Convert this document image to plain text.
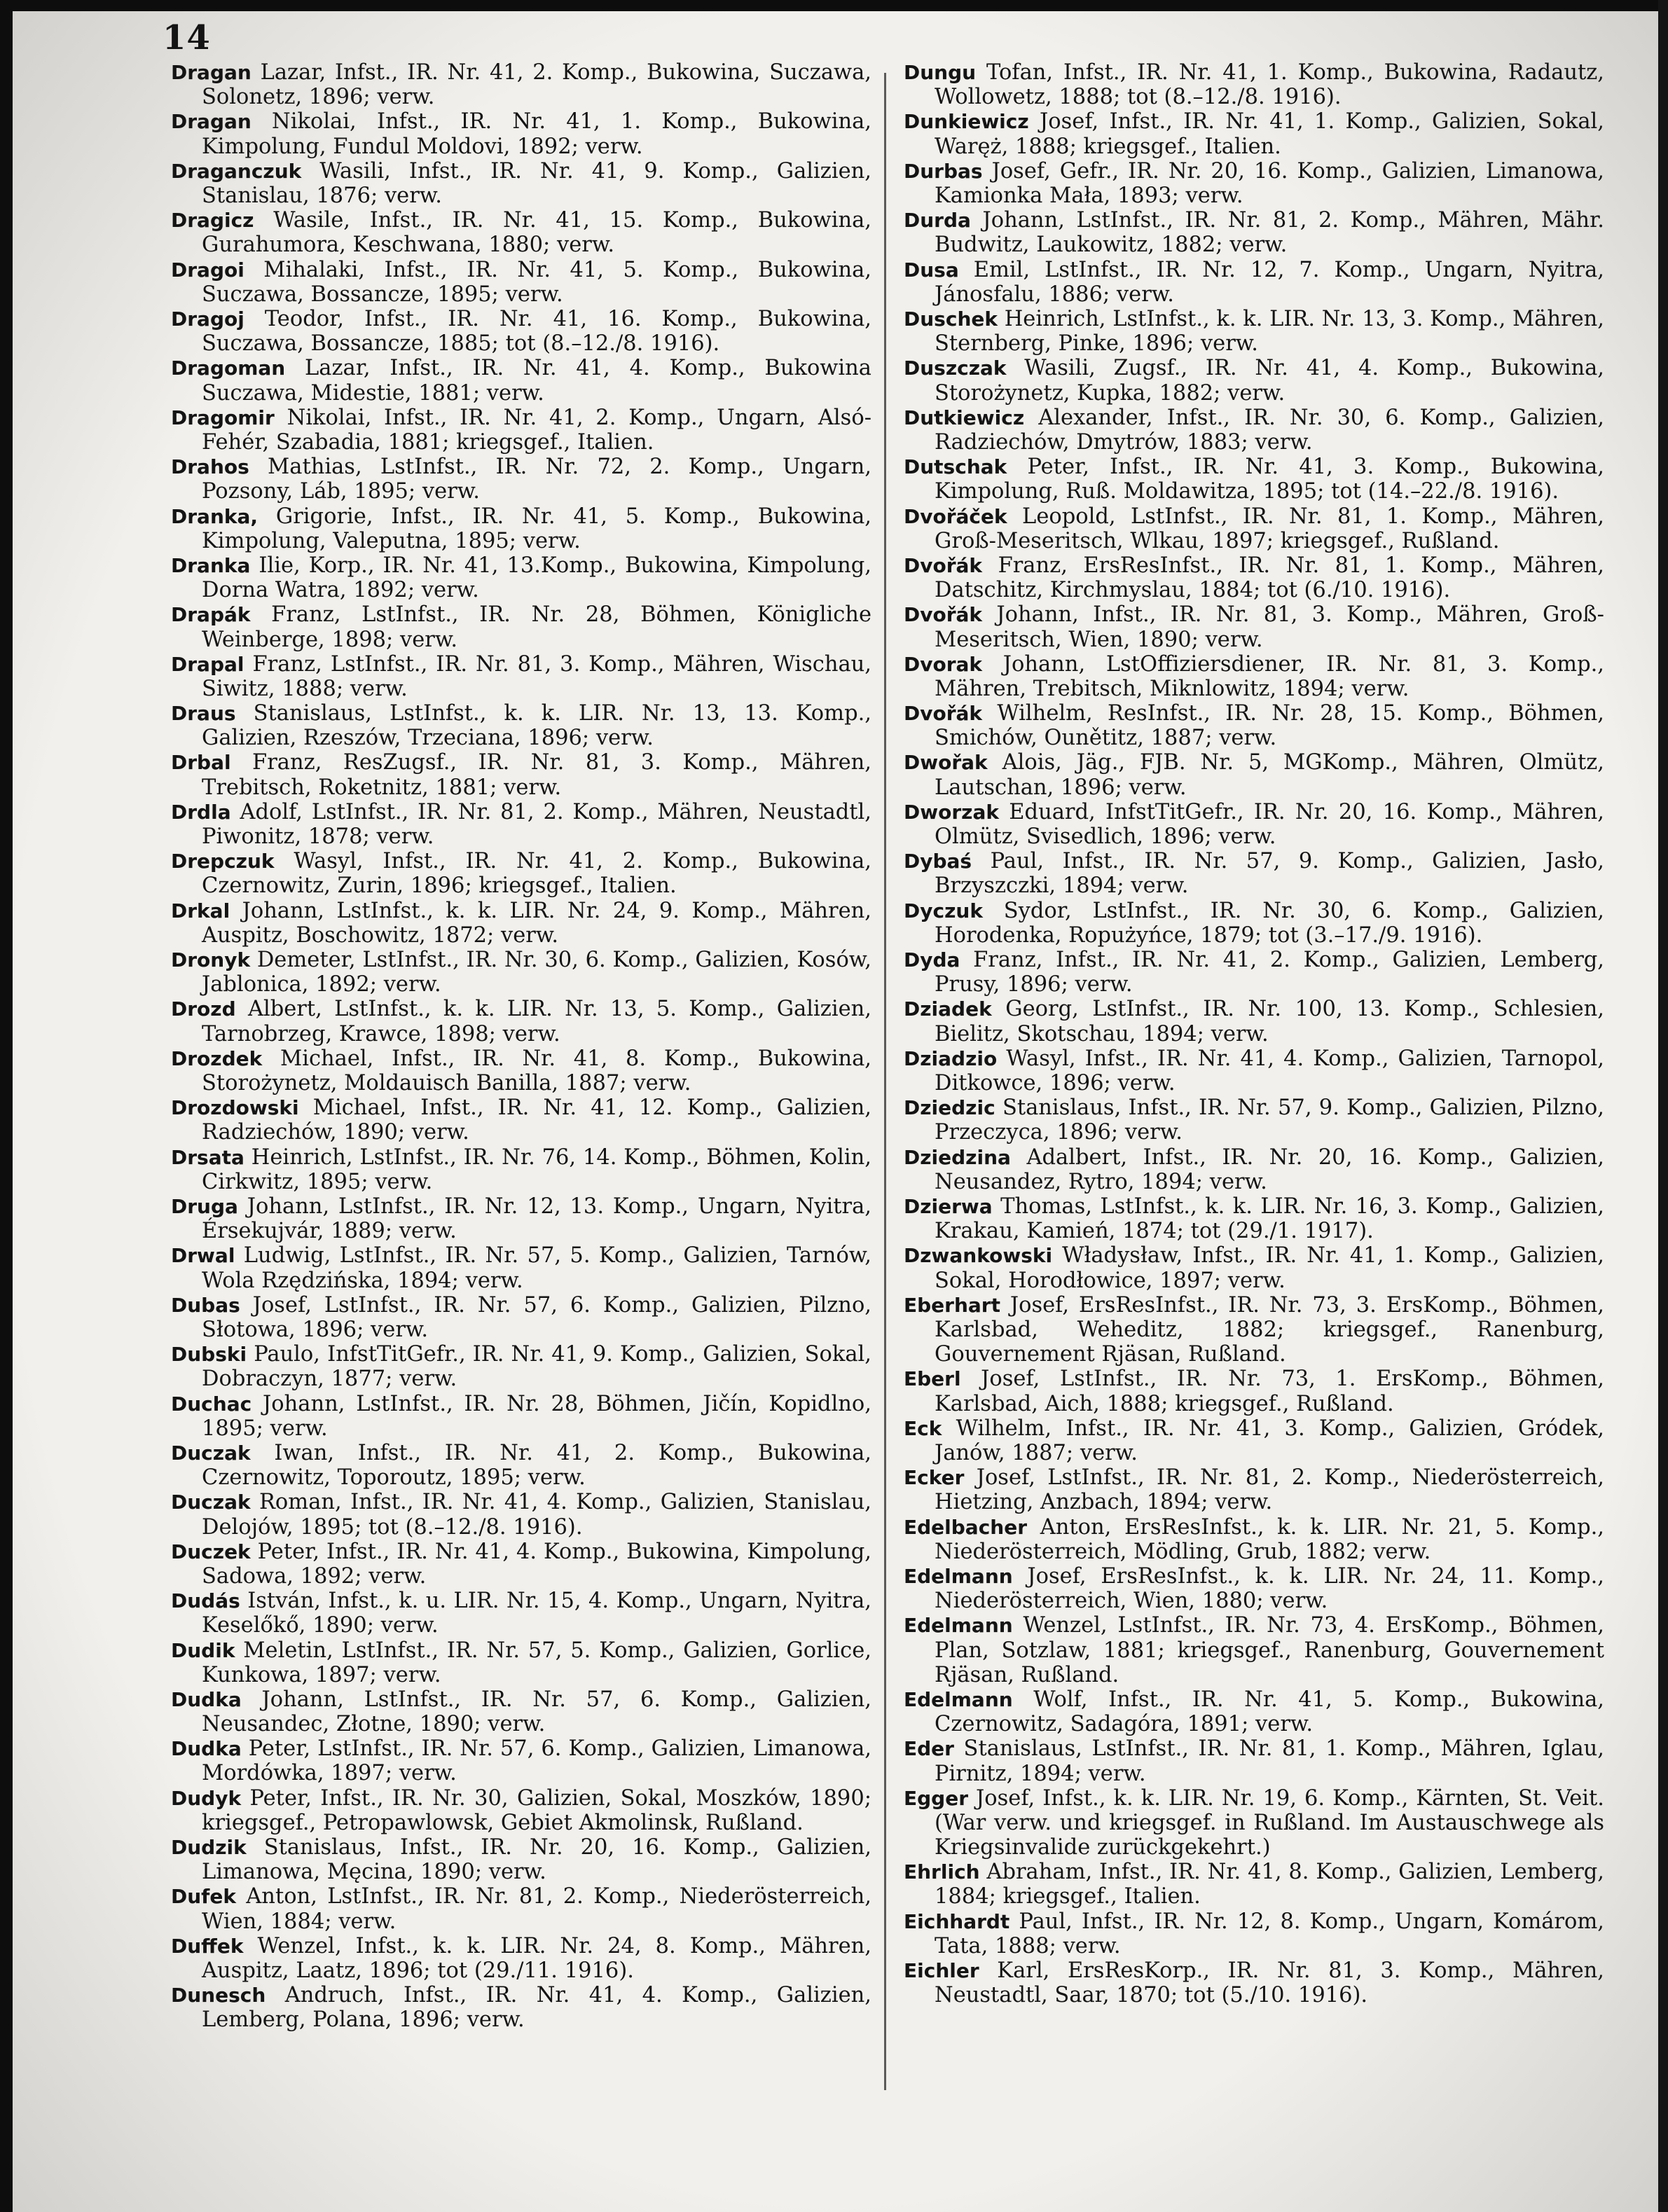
14

Dragan Lazar, Infst., IR. Nr. 41, 2. Komp., Bukowina, Suczawa, Solonetz, 1896; verw.

Dragan Nikolai, Infst., IR. Nr. 41, 1. Komp., Bukowina, Kimpolung, Fundul Moldovi, 1892; verw.

Draganczuk Wasili, Infst., IR. Nr. 41, 9. Komp., Galizien, Stanislau, 1876; verw.

Dragicz Wasile, Infst., IR. Nr. 41, 15. Komp., Bukowina, Gurahumora, Keschwana, 1880; verw.

Dragoi Mihalaki, Infst., IR. Nr. 41, 5. Komp., Bukowina, Suczawa, Bossancze, 1895; verw.

Dragoj Teodor, Infst., IR. Nr. 41, 16. Komp., Bukowina, Suczawa, Bossancze, 1885; tot (8.–12./8. 1916).

Dragoman Lazar, Infst., IR. Nr. 41, 4. Komp., Bukowina Suczawa, Midestie, 1881; verw.

Dragomir Nikolai, Infst., IR. Nr. 41, 2. Komp., Ungarn, Alsó-Fehér, Szabadia, 1881; kriegsgef., Italien.

Drahos Mathias, LstInfst., IR. Nr. 72, 2. Komp., Ungarn, Pozsony, Láb, 1895; verw.

Dranka, Grigorie, Infst., IR. Nr. 41, 5. Komp., Bukowina, Kimpolung, Valeputna, 1895; verw.

Dranka Ilie, Korp., IR. Nr. 41, 13.Komp., Bukowina, Kimpolung, Dorna Watra, 1892; verw.

Drapák Franz, LstInfst., IR. Nr. 28, Böhmen, Königliche Weinberge, 1898; verw.

Drapal Franz, LstInfst., IR. Nr. 81, 3. Komp., Mähren, Wischau, Siwitz, 1888; verw.

Draus Stanislaus, LstInfst., k. k. LIR. Nr. 13, 13. Komp., Galizien, Rzeszów, Trzeciana, 1896; verw.

Drbal Franz, ResZugsf., IR. Nr. 81, 3. Komp., Mähren, Trebitsch, Roketnitz, 1881; verw.

Drdla Adolf, LstInfst., IR. Nr. 81, 2. Komp., Mähren, Neustadtl, Piwonitz, 1878; verw.

Drepczuk Wasyl, Infst., IR. Nr. 41, 2. Komp., Bukowina, Czernowitz, Zurin, 1896; kriegsgef., Italien.

Drkal Johann, LstInfst., k. k. LIR. Nr. 24, 9. Komp., Mähren, Auspitz, Boschowitz, 1872; verw.

Dronyk Demeter, LstInfst., IR. Nr. 30, 6. Komp., Galizien, Kosów, Jablonica, 1892; verw.

Drozd Albert, LstInfst., k. k. LIR. Nr. 13, 5. Komp., Galizien, Tarnobrzeg, Krawce, 1898; verw.

Drozdek Michael, Infst., IR. Nr. 41, 8. Komp., Bukowina, Storożynetz, Moldauisch Banilla, 1887; verw.

Drozdowski Michael, Infst., IR. Nr. 41, 12. Komp., Galizien, Radziechów, 1890; verw.

Drsata Heinrich, LstInfst., IR. Nr. 76, 14. Komp., Böhmen, Kolin, Cirkwitz, 1895; verw.

Druga Johann, LstInfst., IR. Nr. 12, 13. Komp., Ungarn, Nyitra, Érsekujvár, 1889; verw.

Drwal Ludwig, LstInfst., IR. Nr. 57, 5. Komp., Galizien, Tarnów, Wola Rzędzińska, 1894; verw.

Dubas Josef, LstInfst., IR. Nr. 57, 6. Komp., Galizien, Pilzno, Słotowa, 1896; verw.

Dubski Paulo, InfstTitGefr., IR. Nr. 41, 9. Komp., Galizien, Sokal, Dobraczyn, 1877; verw.

Duchac Johann, LstInfst., IR. Nr. 28, Böhmen, Jičín, Kopidlno, 1895; verw.

Duczak Iwan, Infst., IR. Nr. 41, 2. Komp., Bukowina, Czernowitz, Toporoutz, 1895; verw.

Duczak Roman, Infst., IR. Nr. 41, 4. Komp., Galizien, Stanislau, Delojów, 1895; tot (8.–12./8. 1916).

Duczek Peter, Infst., IR. Nr. 41, 4. Komp., Bukowina, Kimpolung, Sadowa, 1892; verw.

Dudás István, Infst., k. u. LIR. Nr. 15, 4. Komp., Ungarn, Nyitra, Keselőkő, 1890; verw.

Dudik Meletin, LstInfst., IR. Nr. 57, 5. Komp., Galizien, Gorlice, Kunkowa, 1897; verw.

Dudka Johann, LstInfst., IR. Nr. 57, 6. Komp., Galizien, Neusandec, Złotne, 1890; verw.

Dudka Peter, LstInfst., IR. Nr. 57, 6. Komp., Galizien, Limanowa, Mordówka, 1897; verw.

Dudyk Peter, Infst., IR. Nr. 30, Galizien, Sokal, Moszków, 1890; kriegsgef., Petropawlowsk, Gebiet Akmolinsk, Rußland.

Dudzik Stanislaus, Infst., IR. Nr. 20, 16. Komp., Galizien, Limanowa, Męcina, 1890; verw.

Dufek Anton, LstInfst., IR. Nr. 81, 2. Komp., Niederösterreich, Wien, 1884; verw.

Duffek Wenzel, Infst., k. k. LIR. Nr. 24, 8. Komp., Mähren, Auspitz, Laatz, 1896; tot (29./11. 1916).

Dunesch Andruch, Infst., IR. Nr. 41, 4. Komp., Galizien, Lemberg, Polana, 1896; verw.

Dungu Tofan, Infst., IR. Nr. 41, 1. Komp., Bukowina, Radautz, Wollowetz, 1888; tot (8.–12./8. 1916).

Dunkiewicz Josef, Infst., IR. Nr. 41, 1. Komp., Galizien, Sokal, Waręż, 1888; kriegsgef., Italien.

Durbas Josef, Gefr., IR. Nr. 20, 16. Komp., Galizien, Limanowa, Kamionka Mała, 1893; verw.

Durda Johann, LstInfst., IR. Nr. 81, 2. Komp., Mähren, Mähr. Budwitz, Laukowitz, 1882; verw.

Dusa Emil, LstInfst., IR. Nr. 12, 7. Komp., Ungarn, Nyitra, Jánosfalu, 1886; verw.

Duschek Heinrich, LstInfst., k. k. LIR. Nr. 13, 3. Komp., Mähren, Sternberg, Pinke, 1896; verw.

Duszczak Wasili, Zugsf., IR. Nr. 41, 4. Komp., Bukowina, Storożynetz, Kupka, 1882; verw.

Dutkiewicz Alexander, Infst., IR. Nr. 30, 6. Komp., Galizien, Radziechów, Dmytrów, 1883; verw.

Dutschak Peter, Infst., IR. Nr. 41, 3. Komp., Bukowina, Kimpolung, Ruß. Moldawitza, 1895; tot (14.–22./8. 1916).

Dvořáček Leopold, LstInfst., IR. Nr. 81, 1. Komp., Mähren, Groß-Meseritsch, Wlkau, 1897; kriegsgef., Rußland.

Dvořák Franz, ErsResInfst., IR. Nr. 81, 1. Komp., Mähren, Datschitz, Kirchmyslau, 1884; tot (6./10. 1916).

Dvořák Johann, Infst., IR. Nr. 81, 3. Komp., Mähren, Groß-Meseritsch, Wien, 1890; verw.

Dvorak Johann, LstOffiziersdiener, IR. Nr. 81, 3. Komp., Mähren, Trebitsch, Miknlowitz, 1894; verw.

Dvořák Wilhelm, ResInfst., IR. Nr. 28, 15. Komp., Böhmen, Smichów, Ounětitz, 1887; verw.

Dwořak Alois, Jäg., FJB. Nr. 5, MGKomp., Mähren, Olmütz, Lautschan, 1896; verw.

Dworzak Eduard, InfstTitGefr., IR. Nr. 20, 16. Komp., Mähren, Olmütz, Svisedlich, 1896; verw.

Dybaś Paul, Infst., IR. Nr. 57, 9. Komp., Galizien, Jasło, Brzyszczki, 1894; verw.

Dyczuk Sydor, LstInfst., IR. Nr. 30, 6. Komp., Galizien, Horodenka, Ropużyńce, 1879; tot (3.–17./9. 1916).

Dyda Franz, Infst., IR. Nr. 41, 2. Komp., Galizien, Lemberg, Prusy, 1896; verw.

Dziadek Georg, LstInfst., IR. Nr. 100, 13. Komp., Schlesien, Bielitz, Skotschau, 1894; verw.

Dziadzio Wasyl, Infst., IR. Nr. 41, 4. Komp., Galizien, Tarnopol, Ditkowce, 1896; verw.

Dziedzic Stanislaus, Infst., IR. Nr. 57, 9. Komp., Galizien, Pilzno, Przeczyca, 1896; verw.

Dziedzina Adalbert, Infst., IR. Nr. 20, 16. Komp., Galizien, Neusandez, Rytro, 1894; verw.

Dzierwa Thomas, LstInfst., k. k. LIR. Nr. 16, 3. Komp., Galizien, Krakau, Kamień, 1874; tot (29./1. 1917).

Dzwankowski Władysław, Infst., IR. Nr. 41, 1. Komp., Galizien, Sokal, Horodłowice, 1897; verw.

Eberhart Josef, ErsResInfst., IR. Nr. 73, 3. ErsKomp., Böhmen, Karlsbad, Weheditz, 1882; kriegsgef., Ranenburg, Gouvernement Rjäsan, Rußland.

Eberl Josef, LstInfst., IR. Nr. 73, 1. ErsKomp., Böhmen, Karlsbad, Aich, 1888; kriegsgef., Rußland.

Eck Wilhelm, Infst., IR. Nr. 41, 3. Komp., Galizien, Gródek, Janów, 1887; verw.

Ecker Josef, LstInfst., IR. Nr. 81, 2. Komp., Niederösterreich, Hietzing, Anzbach, 1894; verw.

Edelbacher Anton, ErsResInfst., k. k. LIR. Nr. 21, 5. Komp., Niederösterreich, Mödling, Grub, 1882; verw.

Edelmann Josef, ErsResInfst., k. k. LIR. Nr. 24, 11. Komp., Niederösterreich, Wien, 1880; verw.

Edelmann Wenzel, LstInfst., IR. Nr. 73, 4. ErsKomp., Böhmen, Plan, Sotzlaw, 1881; kriegsgef., Ranenburg, Gouvernement Rjäsan, Rußland.

Edelmann Wolf, Infst., IR. Nr. 41, 5. Komp., Bukowina, Czernowitz, Sadagóra, 1891; verw.

Eder Stanislaus, LstInfst., IR. Nr. 81, 1. Komp., Mähren, Iglau, Pirnitz, 1894; verw.

Egger Josef, Infst., k. k. LIR. Nr. 19, 6. Komp., Kärnten, St. Veit. (War verw. und kriegsgef. in Rußland. Im Austauschwege als Kriegsinvalide zurückgekehrt.)

Ehrlich Abraham, Infst., IR. Nr. 41, 8. Komp., Galizien, Lemberg, 1884; kriegsgef., Italien.

Eichhardt Paul, Infst., IR. Nr. 12, 8. Komp., Ungarn, Komárom, Tata, 1888; verw.

Eichler Karl, ErsResKorp., IR. Nr. 81, 3. Komp., Mähren, Neustadtl, Saar, 1870; tot (5./10. 1916).
